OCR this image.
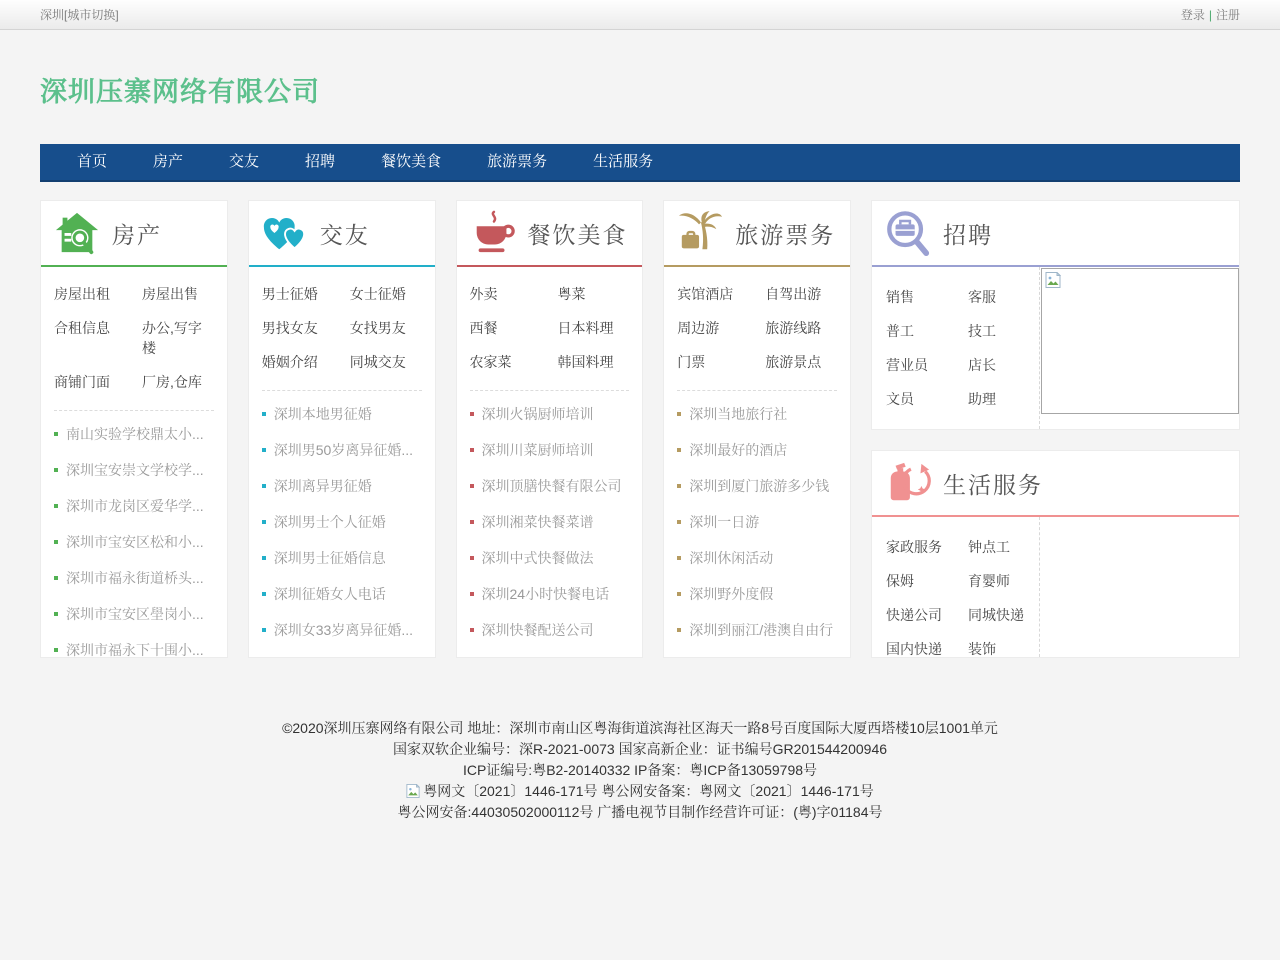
深圳[城市切换]	登录 | 注册
深圳压寨网络有限公司
首页	房产	交友	招聘	餐饮美食	旅游票务	生活服务
房产
房屋出租	房屋出售
合租信息	办公,写字楼
商铺门面	厂房,仓库
南山实验学校鼎太小...
深圳宝安崇文学校学...
深圳市龙岗区爱华学...
深圳市宝安区松和小...
深圳市福永街道桥头...
深圳市宝安区壆岗小...
深圳市福永下十围小...
交友
男士征婚	女士征婚
男找女友	女找男友
婚姻介绍	同城交友
深圳本地男征婚
深圳男50岁离异征婚...
深圳离异男征婚
深圳男士个人征婚
深圳男士征婚信息
深圳征婚女人电话
深圳女33岁离异征婚...
餐饮美食
外卖	粤菜
西餐	日本料理
农家菜	韩国料理
深圳火锅厨师培训
深圳川菜厨师培训
深圳顶膳快餐有限公司
深圳湘菜快餐菜谱
深圳中式快餐做法
深圳24小时快餐电话
深圳快餐配送公司
旅游票务
宾馆酒店	自驾出游
周边游	旅游线路
门票	旅游景点
深圳当地旅行社
深圳最好的酒店
深圳到厦门旅游多少钱
深圳一日游
深圳休闲活动
深圳野外度假
深圳到丽江/港澳自由行
招聘
销售	客服
普工	技工
营业员	店长
文员	助理
生活服务
家政服务	钟点工
保姆	育婴师
快递公司	同城快递
国内快递	装饰
©2020深圳压寨网络有限公司 地址：深圳市南山区粤海街道滨海社区海天一路8号百度国际大厦西塔楼10层1001单元
国家双软企业编号：深R-2021-0073 国家高新企业：证书编号GR201544200946
ICP证编号:粤B2-20140332 IP备案：粤ICP备13059798号
粤网文〔2021〕1446-171号 粤公网安备案：粤网文〔2021〕1446-171号
粤公网安备:44030502000112号 广播电视节目制作经营许可证：(粤)字01184号
